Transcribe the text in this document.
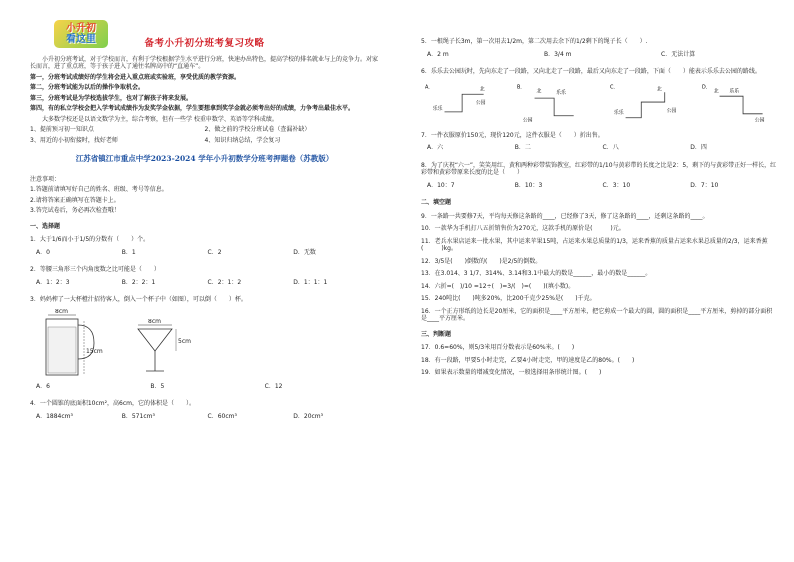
小升初
看这里	备考小升初分班考复习攻略

小升初分班考试，对于学校而言，有利于学校根据学生水平进行分班，快速办出特色，提高学校的排名就业与上的竞争力。对家长而言，进了重点班，等于孩子进入了通往名牌高中的“直通车”。

第一，分班考试成绩好的学生将会进入重点班或实验班，享受优质的教学资源。

第二，分班考试能为以后的操作争取机会。

第三，分班考试是为学校选拔学生，也对了解孩子将来发展。

第四，有的私立学校会把入学考试成绩作为发奖学金依据，学生要想拿到奖学金就必须考出好的成绩，力争考出最佳水平。

大多数学校还是以语文数学为主，综合考察，但有一些学 校重申数学、英语等学科成绩。

1、提前预习初一知识点	2、做之前的学校分班试卷（查漏补缺）
3、用近的小初衔接时，找好老师	4、知识归纳总结，学会复习
江苏省镇江市重点中学2023-2024 学年小升初数学分班考押题卷（苏教版）

注意事项：

1.答题前请填写好自己的姓名、班级、考号等信息。

2.请将答案正确填写在答题卡上。

3.答完试卷后，务必再次检查哦！

一、选择题

1．大于1/6而小于1/5的分数有（　　）个。

A．0	B．1	C．2	D．无数

2．等腰三角形三个内角度数之比可能是（　　）

A．1：2：3	B．2：2：1	C．2：1：2	D．1：1：1

3．妈妈榨了一大杯橙汁招待客人，倒入一个杯子中（如图），可以倒（　　）杯。

8cm
15cm
8cm
5cm
A．6	B．5	C．12

4．一个圆锥的底面积10cm²，高6cm，它的体积是（　　）。

A．1884cm³	B．571cm³	C．60cm³	D．20cm³

5．一根绳子长3m，第一次用去1/2m，第二次用去余下的1/2剩下的绳子长（　　）.

A．2 m	B．3/4 m	C．无法计算

6．乐乐去公园玩时，先向东走了一段路，又向北走了一段路，最后又向东走了一段路，下面（　　）能表示乐乐去公园的路线。

A．	北
乐乐
公园
B．
北	乐乐
公园
C．	北
乐乐	公园
D．
北 乐乐
公园

7．一件衣服原价150元，现价120元，这件衣服是（　　）折出售。

A．六	B．二	C．八	D．四

8．为了庆祝“六一”，笑笑用红、黄和两种彩带装饰教室，红彩带的1/10与黄彩带的长度之比是2：5，剩下的与黄彩带正好一样长，红彩带和黄彩带原来长度的比是（　　）

A．10：7	B．10：3	C．3：10	D．7：10
二、填空题

9．一条路一共要修7天，平均每天修这条路的____，已经修了3天，修了这条路的____，还剩这条路的____。

10．一款华为手机打八五折销售价为270元，这款手机的原价是(　　　)元。

11．老兵水果店运来一批水果，其中运来苹果15吨，占运来水果总质量的1/3，运来香蕉的质量占运来水果总质量的2/3，运来香蕉(　　　)kg。

12．3/5是(　　)倒数的(　　)是2/5的倒数。

13．在3.014、3 1/7、314%、3.14和3.1中最大的数是______，最小的数是______。

14．六折=(　)/10 =12÷(　)=3/(　)=(　　)(填小数)。

15．240吨比(　　)吨多20%，比200千克少25%是(　　)千克。

16．一个正方形纸的边长是20厘米，它的面积是____平方厘米，把它剪成一个最大的圆，圆的面积是____平方厘米，剪掉的部分面积是____平方厘米。

三、判断题

17．0.6=60%，则5/3米用百分数表示是60%米。(　　)

18．有一段路，甲要5小时走完，乙要4小时走完，甲的速度是乙的80%。(　　)

19．如果表示数量的增减变化情况，一般选择用条形统计图。(　　)
